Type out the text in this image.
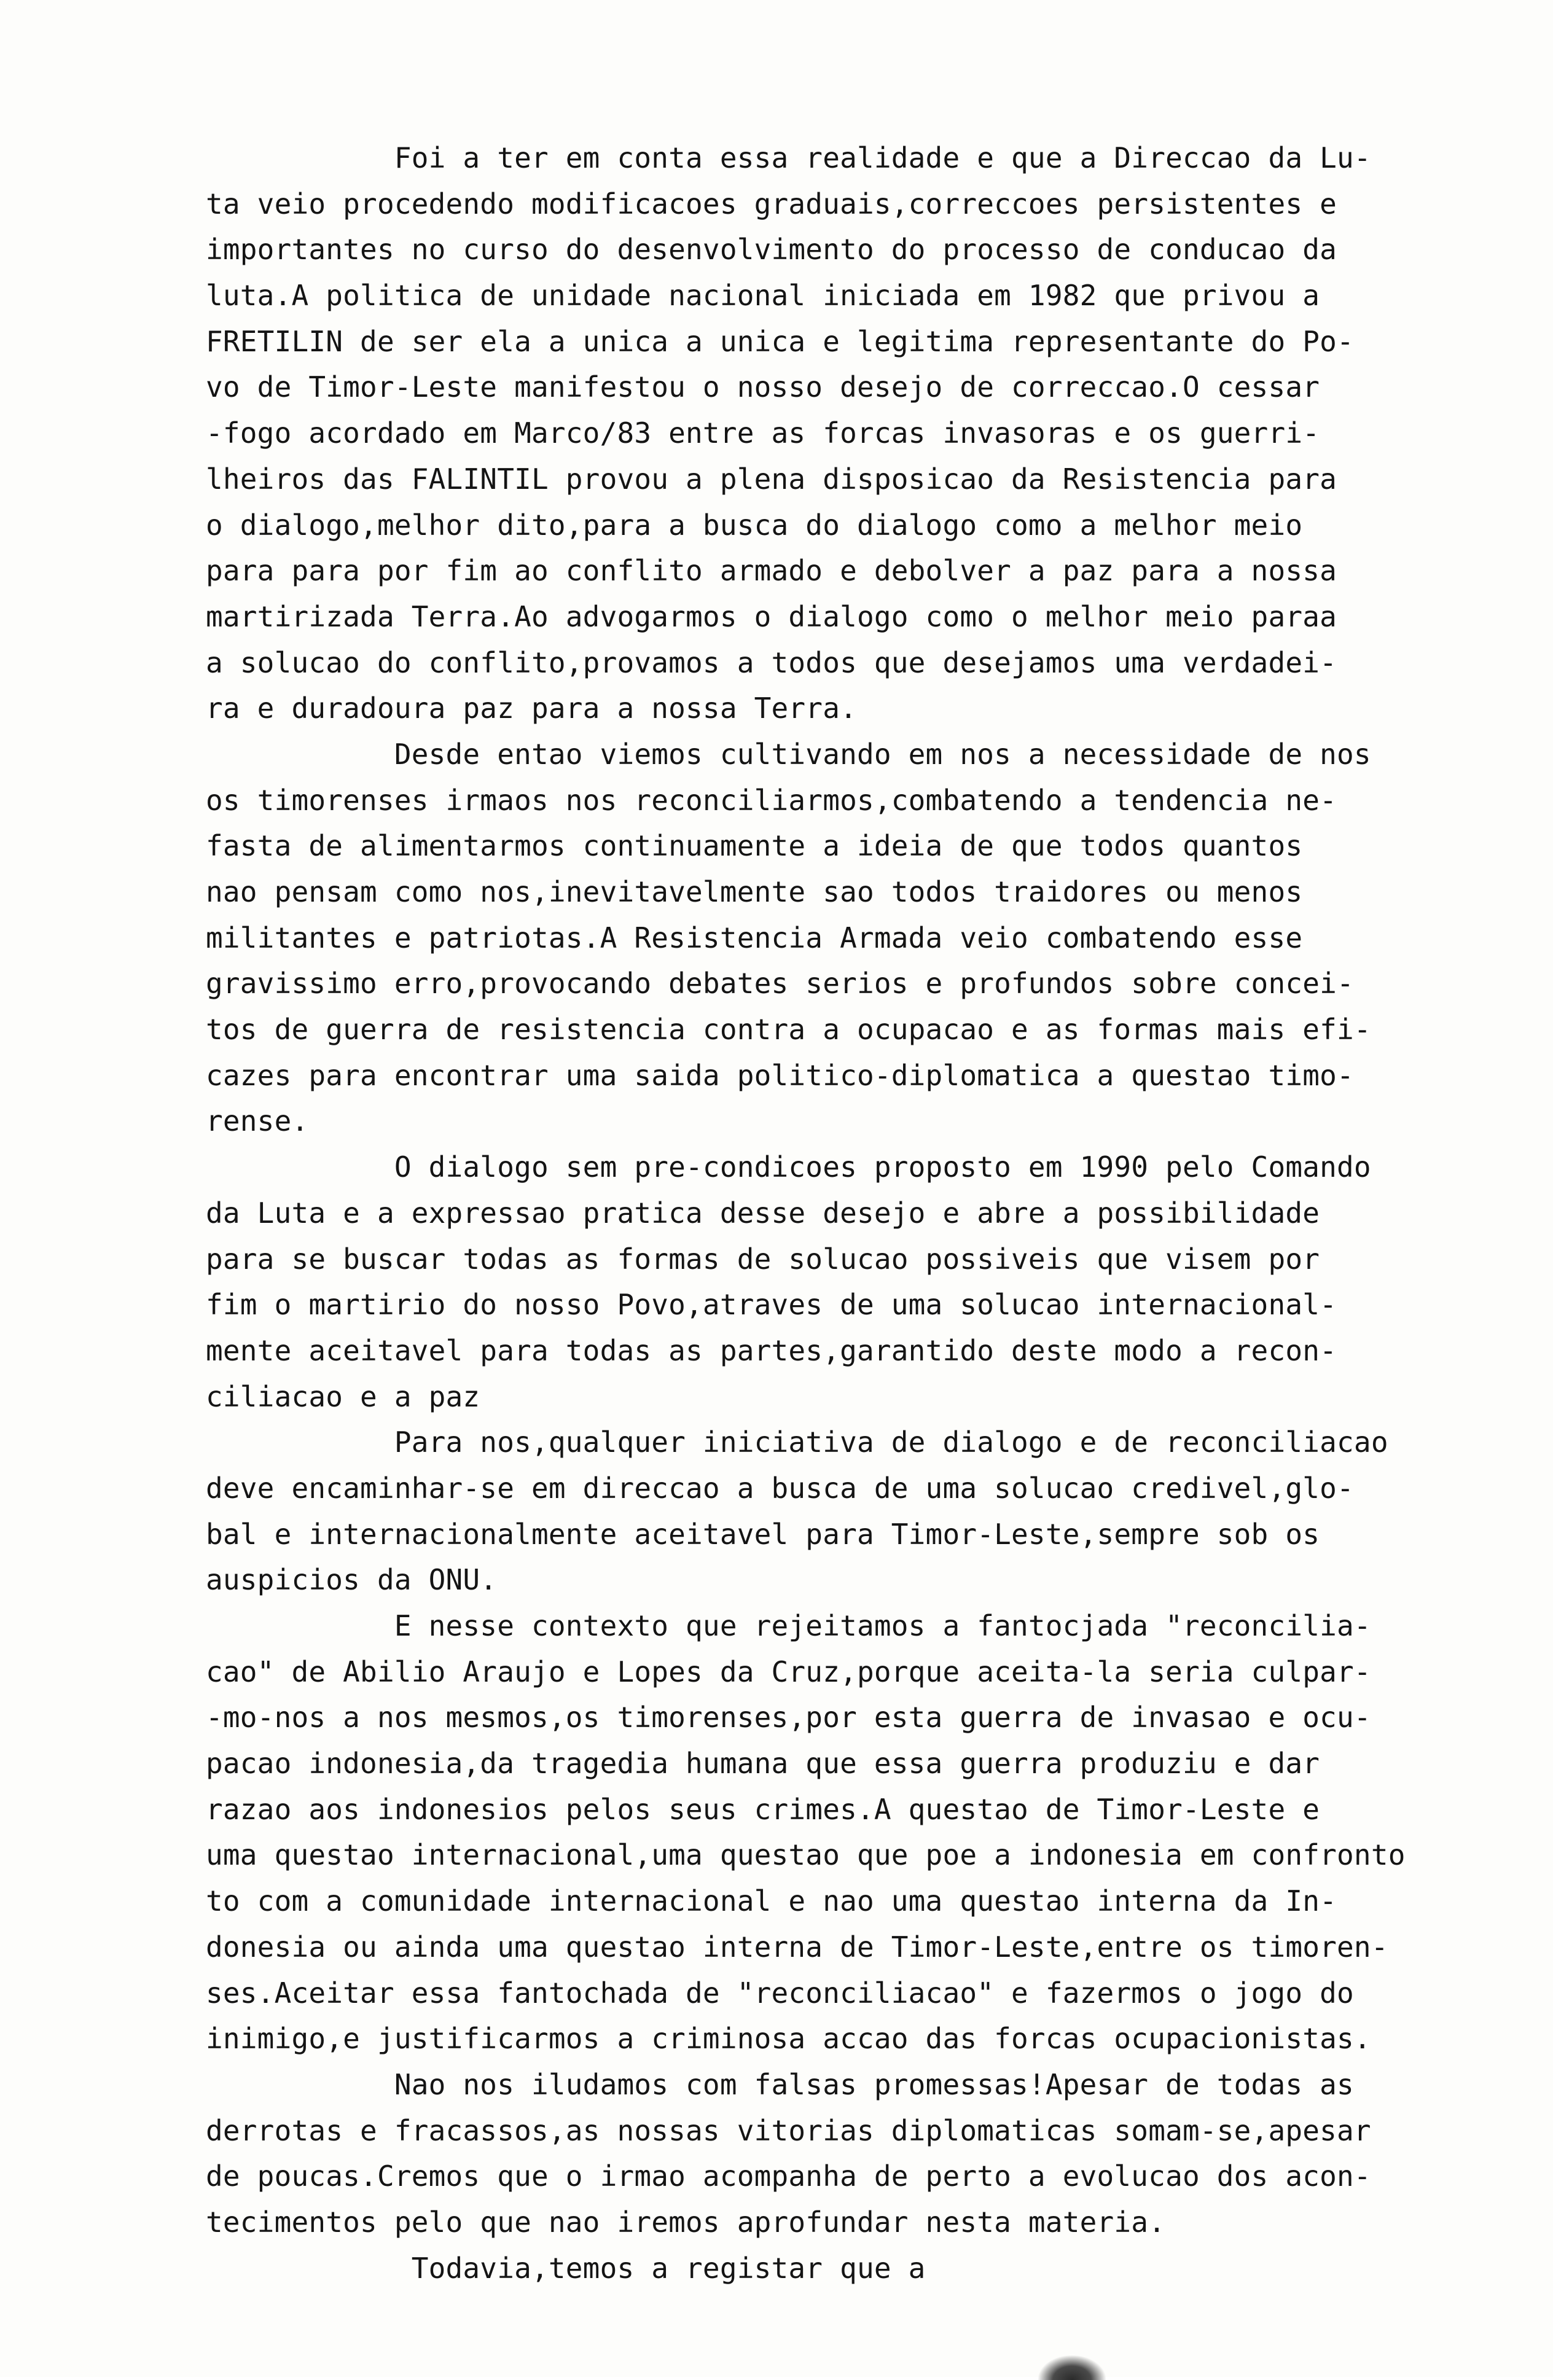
Foi a ter em conta essa realidade e que a Direccao da Lu-
ta veio procedendo modificacoes graduais,correccoes persistentes e
importantes no curso do desenvolvimento do processo de conducao da
luta.A politica de unidade nacional iniciada em 1982 que privou a
FRETILIN de ser ela a unica a unica e legitima representante do Po-
vo de Timor-Leste manifestou o nosso desejo de correccao.O cessar
-fogo acordado em Marco/83 entre as forcas invasoras e os guerri-
lheiros das FALINTIL provou a plena disposicao da Resistencia para
o dialogo,melhor dito,para a busca do dialogo como a melhor meio
para para por fim ao conflito armado e debolver a paz para a nossa
martirizada Terra.Ao advogarmos o dialogo como o melhor meio paraa
a solucao do conflito,provamos a todos que desejamos uma verdadei-
ra e duradoura paz para a nossa Terra.
Desde entao viemos cultivando em nos a necessidade de nos
os timorenses irmaos nos reconciliarmos,combatendo a tendencia ne-
fasta de alimentarmos continuamente a ideia de que todos quantos
nao pensam como nos,inevitavelmente sao todos traidores ou menos
militantes e patriotas.A Resistencia Armada veio combatendo esse
gravissimo erro,provocando debates serios e profundos sobre concei-
tos de guerra de resistencia contra a ocupacao e as formas mais efi-
cazes para encontrar uma saida politico-diplomatica a questao timo-
rense.
O dialogo sem pre-condicoes proposto em 1990 pelo Comando
da Luta e a expressao pratica desse desejo e abre a possibilidade
para se buscar todas as formas de solucao possiveis que visem por
fim o martirio do nosso Povo,atraves de uma solucao internacional-
mente aceitavel para todas as partes,garantido deste modo a recon-
ciliacao e a paz
Para nos,qualquer iniciativa de dialogo e de reconciliacao
deve encaminhar-se em direccao a busca de uma solucao credivel,glo-
bal e internacionalmente aceitavel para Timor-Leste,sempre sob os
auspicios da ONU.
E nesse contexto que rejeitamos a fantocjada "reconcilia-
cao" de Abilio Araujo e Lopes da Cruz,porque aceita-la seria culpar-
-mo-nos a nos mesmos,os timorenses,por esta guerra de invasao e ocu-
pacao indonesia,da tragedia humana que essa guerra produziu e dar
razao aos indonesios pelos seus crimes.A questao de Timor-Leste e
uma questao internacional,uma questao que poe a indonesia em confronto
to com a comunidade internacional e nao uma questao interna da In-
donesia ou ainda uma questao interna de Timor-Leste,entre os timoren-
ses.Aceitar essa fantochada de "reconciliacao" e fazermos o jogo do
inimigo,e justificarmos a criminosa accao das forcas ocupacionistas.
Nao nos iludamos com falsas promessas!Apesar de todas as
derrotas e fracassos,as nossas vitorias diplomaticas somam-se,apesar
de poucas.Cremos que o irmao acompanha de perto a evolucao dos acon-
tecimentos pelo que nao iremos aprofundar nesta materia.
Todavia,temos a registar que a
